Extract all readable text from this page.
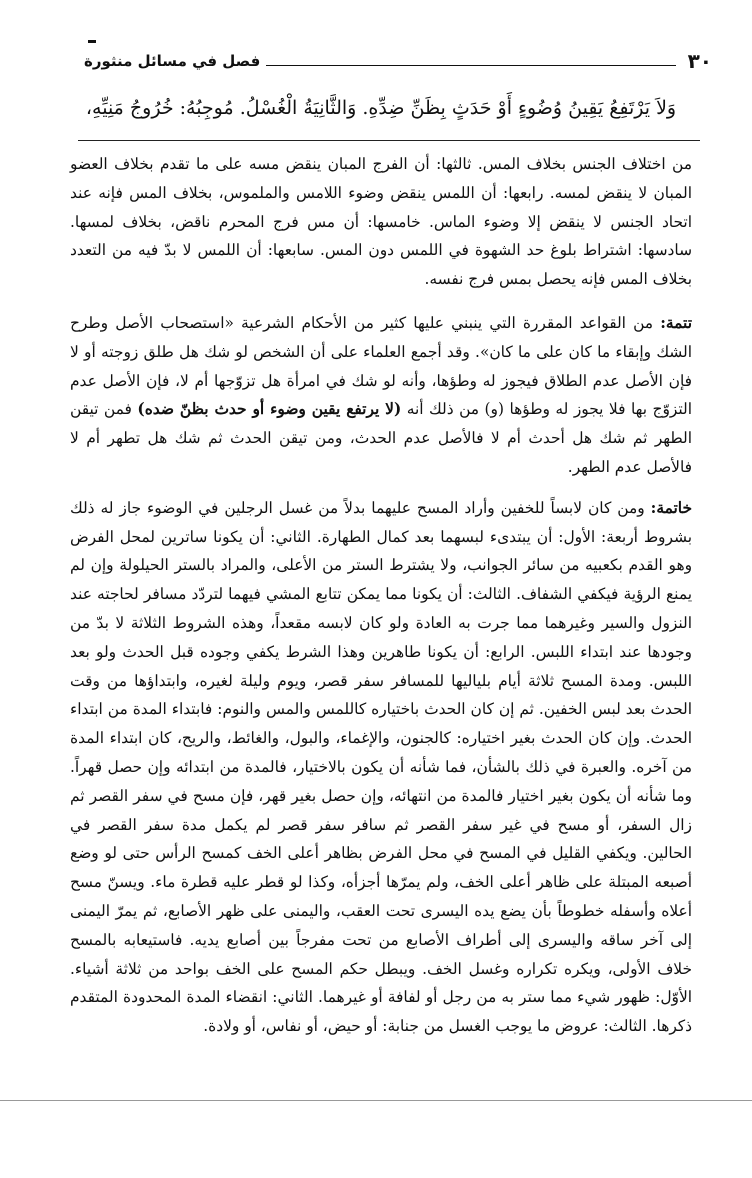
٣٠
فصل في مسائل منثورة
وَلاَ يَرْتَفِعُ يَقِينُ وُضُوءٍ أَوْ حَدَثٍ بِظَنِّ ضِدِّهِ. وَالثَّانِيَةُ الْغُسْلُ. مُوجِبُهُ: خُرُوجُ مَنِيِّهِ،

من اختلاف الجنس بخلاف المس. ثالثها: أن الفرج المبان ينقض مسه على ما تقدم بخلاف العضو المبان لا ينقض لمسه. رابعها: أن اللمس ينقض وضوء اللامس والملموس، بخلاف المس فإنه عند اتحاد الجنس لا ينقض إلا وضوء الماس. خامسها: أن مس فرج المحرم ناقض، بخلاف لمسها. سادسها: اشتراط بلوغ حد الشهوة في اللمس دون المس. سابعها: أن اللمس لا بدّ فيه من التعدد بخلاف المس فإنه يحصل بمس فرج نفسه.

تتمة: من القواعد المقررة التي ينبني عليها كثير من الأحكام الشرعية «استصحاب الأصل وطرح الشك وإبقاء ما كان على ما كان». وقد أجمع العلماء على أن الشخص لو شك هل طلق زوجته أو لا فإن الأصل عدم الطلاق فيجوز له وطؤها، وأنه لو شك في امرأة هل تزوّجها أم لا، فإن الأصل عدم التزوّج بها فلا يجوز له وطؤها (و) من ذلك أنه (لا يرتفع يقين وضوء أو حدث بظنّ ضده) فمن تيقن الطهر ثم شك هل أحدث أم لا فالأصل عدم الحدث، ومن تيقن الحدث ثم شك هل تطهر أم لا فالأصل عدم الطهر.

خاتمة: ومن كان لابساً للخفين وأراد المسح عليهما بدلاً من غسل الرجلين في الوضوء جاز له ذلك بشروط أربعة: الأول: أن يبتدىء لبسهما بعد كمال الطهارة. الثاني: أن يكونا ساترين لمحل الفرض وهو القدم بكعبيه من سائر الجوانب، ولا يشترط الستر من الأعلى، والمراد بالستر الحيلولة وإن لم يمنع الرؤية فيكفي الشفاف. الثالث: أن يكونا مما يمكن تتابع المشي فيهما لتردّد مسافر لحاجته عند النزول والسير وغيرهما مما جرت به العادة ولو كان لابسه مقعداً، وهذه الشروط الثلاثة لا بدّ من وجودها عند ابتداء اللبس. الرابع: أن يكونا طاهرين وهذا الشرط يكفي وجوده قبل الحدث ولو بعد اللبس. ومدة المسح ثلاثة أيام بلياليها للمسافر سفر قصر، ويوم وليلة لغيره، وابتداؤها من وقت الحدث بعد لبس الخفين. ثم إن كان الحدث باختياره كاللمس والمس والنوم: فابتداء المدة من ابتداء الحدث. وإن كان الحدث بغير اختياره: كالجنون، والإغماء، والبول، والغائط، والريح، كان ابتداء المدة من آخره. والعبرة في ذلك بالشأن، فما شأنه أن يكون بالاختيار، فالمدة من ابتدائه وإن حصل قهراً. وما شأنه أن يكون بغير اختيار فالمدة من انتهائه، وإن حصل بغير قهر، فإن مسح في سفر القصر ثم زال السفر، أو مسح في غير سفر القصر ثم سافر سفر قصر لم يكمل مدة سفر القصر في الحالين. ويكفي القليل في المسح في محل الفرض بظاهر أعلى الخف كمسح الرأس حتى لو وضع أصبعه المبتلة على ظاهر أعلى الخف، ولم يمرّها أجزأه، وكذا لو قطر عليه قطرة ماء. ويسنّ مسح أعلاه وأسفله خطوطاً بأن يضع يده اليسرى تحت العقب، واليمنى على ظهر الأصابع، ثم يمرّ اليمنى إلى آخر ساقه واليسرى إلى أطراف الأصابع من تحت مفرجاً بين أصابع يديه. فاستيعابه بالمسح خلاف الأولى، ويكره تكراره وغسل الخف. ويبطل حكم المسح على الخف بواحد من ثلاثة أشياء. الأوّل: ظهور شيء مما ستر به من رجل أو لفافة أو غيرهما. الثاني: انقضاء المدة المحدودة المتقدم ذكرها. الثالث: عروض ما يوجب الغسل من جنابة: أو حيض، أو نفاس، أو ولادة.
